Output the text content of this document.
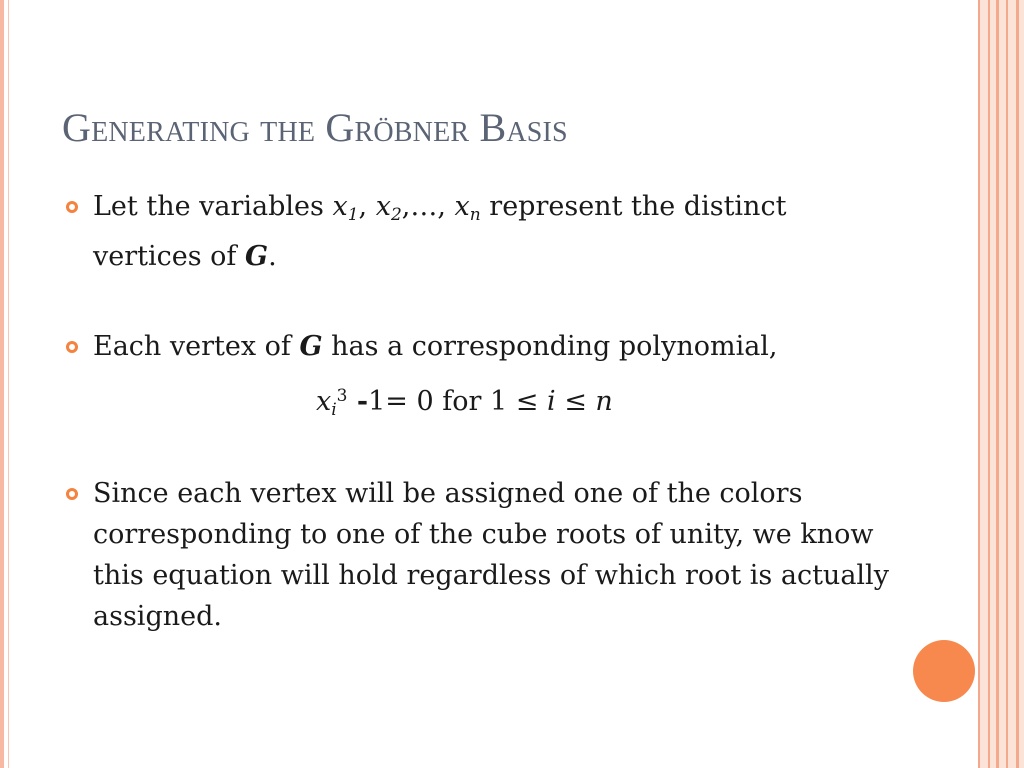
Generating the Gröbner Basis
Let the variables $x_1$, $x_2,\dots$, $x_n$ represent the distinct vertices of G.
Each vertex of G has a corresponding polynomial,
$x_i^3$ -1= 0 for 1 ≤ i ≤ n
Since each vertex will be assigned one of the colors corresponding to one of the cube roots of unity, we know this equation will hold regardless of which root is actually assigned.
